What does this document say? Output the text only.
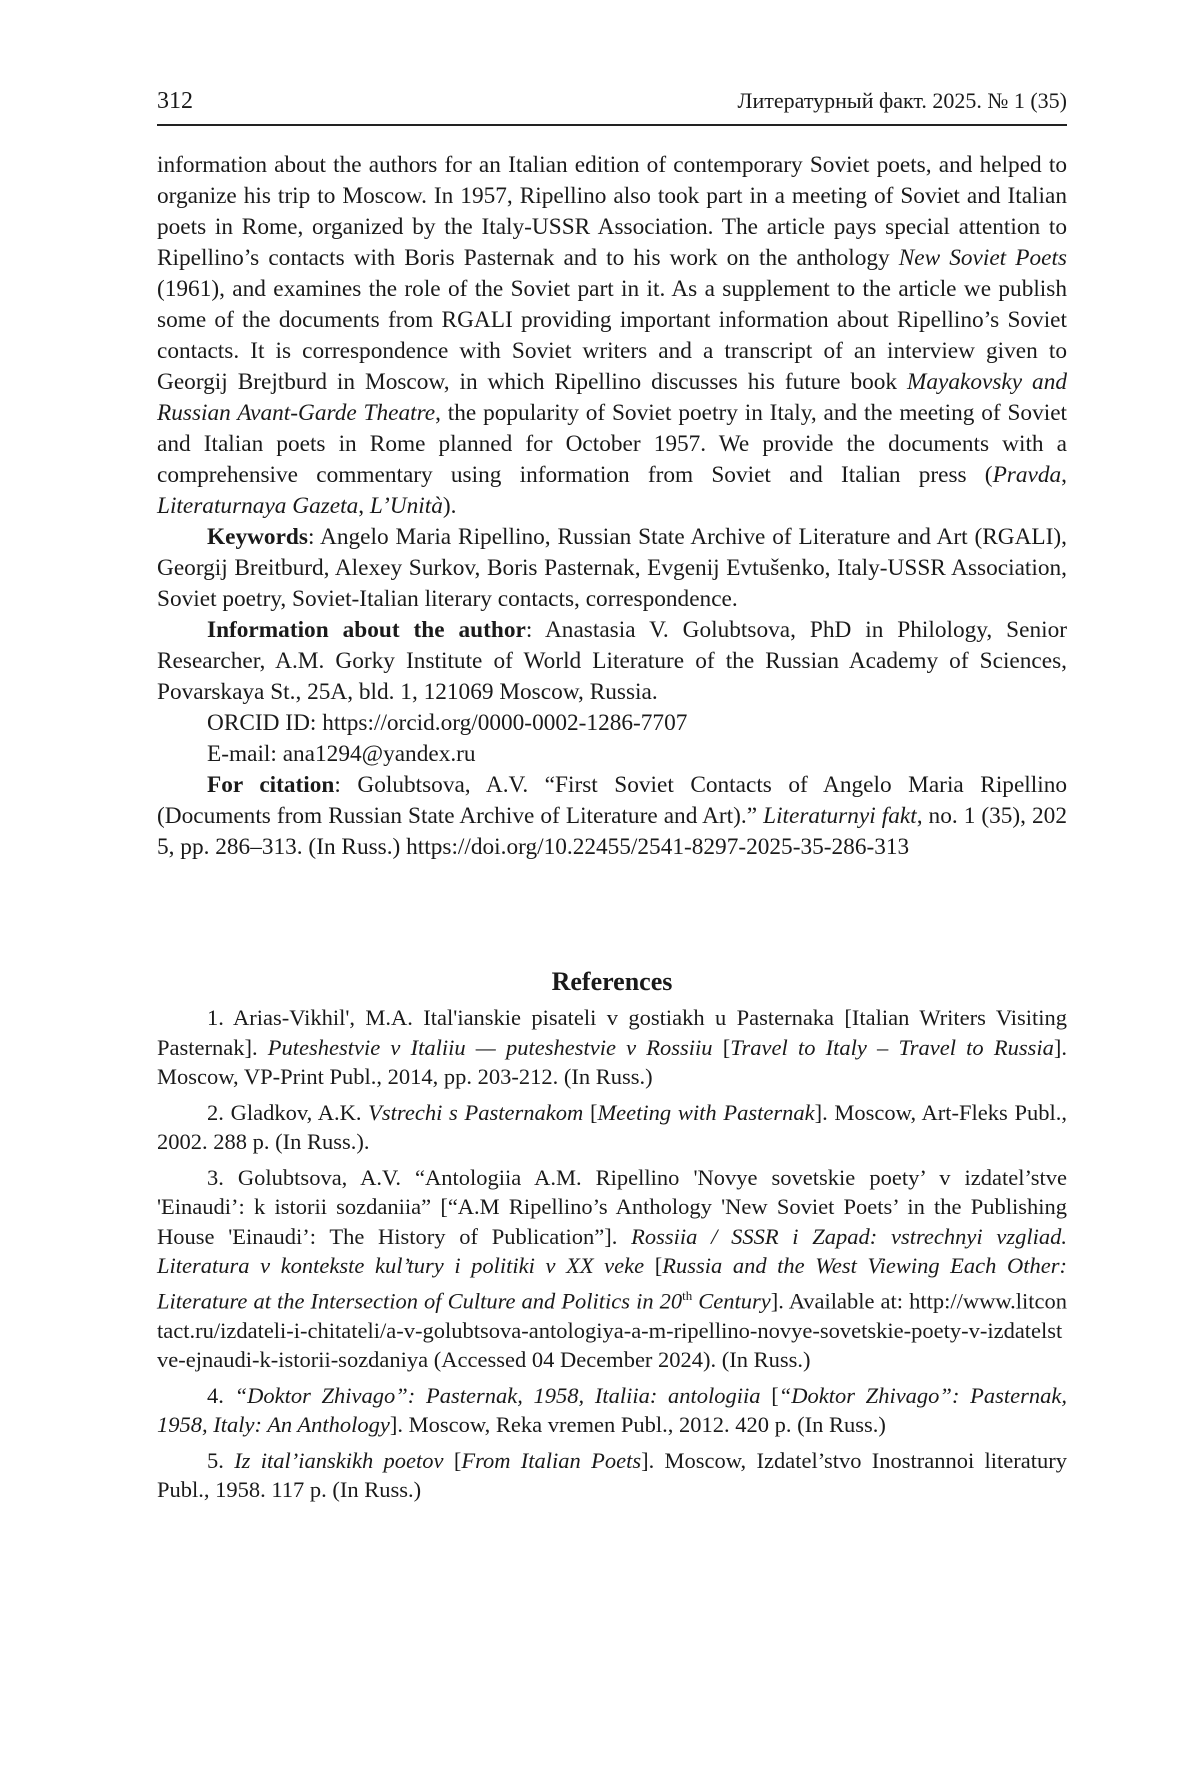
312	Литературный факт. 2025. № 1 (35)

information about the authors for an Italian edition of contemporary Soviet poets, and helped to organize his trip to Moscow. In 1957, Ripellino also took part in a meeting of Soviet and Italian poets in Rome, organized by the Italy-USSR Association. The article pays special attention to Ripellino’s contacts with Boris Pasternak and to his work on the anthology New Soviet Poets (1961), and examines the role of the Soviet part in it. As a supplement to the article we publish some of the documents from RGALI providing important information about Ripellino’s Soviet contacts. It is correspondence with Soviet writers and a transcript of an interview given to Georgij Brejtburd in Moscow, in which Ripellino discusses his future book Mayakovsky and Russian Avant-Garde Theatre, the popularity of Soviet poetry in Italy, and the meeting of Soviet and Italian poets in Rome planned for October 1957. We provide the documents with a comprehensive commentary using information from Soviet and Italian press (Pravda, Literaturnaya Gazeta, L’Unità).

Keywords: Angelo Maria Ripellino, Russian State Archive of Literature and Art (RGALI), Georgij Breitburd, Alexey Surkov, Boris Pasternak, Evgenij Evtušenko, Italy-USSR Association, Soviet poetry, Soviet-Italian literary contacts, correspondence.

Information about the author: Anastasia V. Golubtsova, PhD in Philology, Senior Researcher, A.M. Gorky Institute of World Literature of the Russian Academy of Sciences, Povarskaya St., 25A, bld. 1, 121069 Moscow, Russia.

ORCID ID: https://orcid.org/0000-0002-1286-7707

E-mail: ana1294@yandex.ru

For citation: Golubtsova, A.V. “First Soviet Contacts of Angelo Maria Ripellino (Documents from Russian State Archive of Literature and Art).” Literaturnyi fakt, no. 1 (35), 2025, pp. 286–313. (In Russ.) https://doi.org/10.22455/2541-8297-2025-35-286-313

References

1. Arias-Vikhil', M.A. Ital'ianskie pisateli v gostiakh u Pasternaka [Italian Writers Visiting Pasternak]. Puteshestvie v Italiiu — puteshestvie v Rossiiu [Travel to Italy – Travel to Russia]. Moscow, VP-Print Publ., 2014, pp. 203-212. (In Russ.)

2. Gladkov, A.K. Vstrechi s Pasternakom [Meeting with Pasternak]. Moscow, Art-Fleks Publ., 2002. 288 p. (In Russ.).

3. Golubtsova, A.V. “Antologiia A.M. Ripellino 'Novye sovetskie poety’ v izdatel’stve 'Einaudi’: k istorii sozdaniia” [“A.M Ripellino’s Anthology 'New Soviet Poets’ in the Publishing House 'Einaudi’: The History of Publication”]. Rossiia / SSSR i Zapad: vstrechnyi vzgliad. Literatura v kontekste kul’tury i politiki v XX veke [Russia and the West Viewing Each Other: Literature at the Intersection of Culture and Politics in 20th Century]. Available at: http://www.litcontact.ru/izdateli-i-chitateli/a-v-golubtsova-antologiya-a-m-ripellino-novye-sovetskie-poety-v-izdatelstve-ejnaudi-k-istorii-sozdaniya (Accessed 04 December 2024). (In Russ.)

4. “Doktor Zhivago”: Pasternak, 1958, Italiia: antologiia [“Doktor Zhivago”: Pasternak, 1958, Italy: An Anthology]. Moscow, Reka vremen Publ., 2012. 420 p. (In Russ.)

5. Iz ital’ianskikh poetov [From Italian Poets]. Moscow, Izdatel’stvo Inostrannoi literatury Publ., 1958. 117 p. (In Russ.)
